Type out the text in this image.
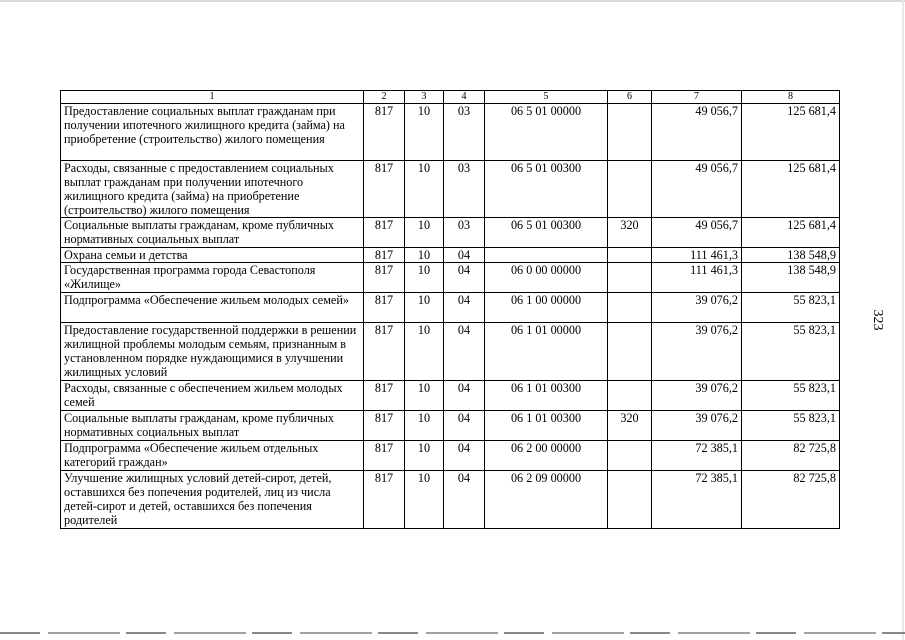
1	2	3	4	5	6	7	8
Предоставление социальных выплат гражданам при получении ипотечного жилищного кредита (займа) на приобретение (строительство) жилого помещения	817	10	03	06 5 01 00000		49 056,7	125 681,4
Расходы, связанные с предоставлением социальных выплат гражданам при получении ипотечного жилищного кредита (займа) на приобретение (строительство) жилого помещения	817	10	03	06 5 01 00300		49 056,7	125 681,4
Социальные выплаты гражданам, кроме публичных нормативных социальных выплат	817	10	03	06 5 01 00300	320	49 056,7	125 681,4
Охрана семьи и детства	817	10	04			111 461,3	138 548,9
Государственная программа города Севастополя «Жилище»	817	10	04	06 0 00 00000		111 461,3	138 548,9
Подпрограмма «Обеспечение жильем молодых семей»	817	10	04	06 1 00 00000		39 076,2	55 823,1
Предоставление государственной поддержки в решении жилищной проблемы молодым семьям, признанным в установленном порядке нуждающимися в улучшении жилищных условий	817	10	04	06 1 01 00000		39 076,2	55 823,1
Расходы, связанные с обеспечением жильем молодых семей	817	10	04	06 1 01 00300		39 076,2	55 823,1
Социальные выплаты гражданам, кроме публичных нормативных социальных выплат	817	10	04	06 1 01 00300	320	39 076,2	55 823,1
Подпрограмма «Обеспечение жильем отдельных категорий граждан»	817	10	04	06 2 00 00000		72 385,1	82 725,8
Улучшение жилищных условий детей-сирот, детей, оставшихся без попечения родителей, лиц из числа детей-сирот и детей, оставшихся без попечения родителей	817	10	04	06 2 09 00000		72 385,1	82 725,8
323
